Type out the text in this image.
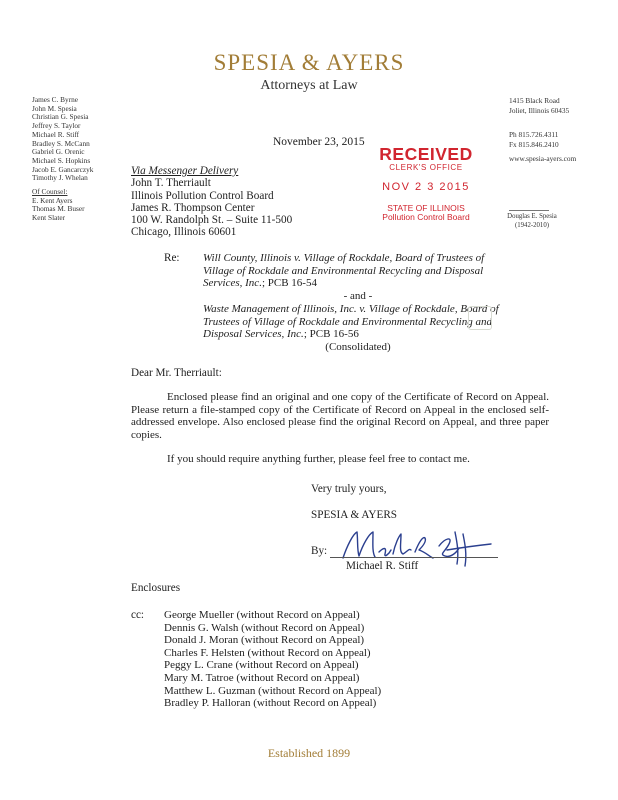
SPESIA & AYERS
Attorneys at Law
James C. Byrne
John M. Spesia
Christian G. Spesia
Jeffrey S. Taylor
Michael R. Stiff
Bradley S. McCann
Gabriel G. Orenic
Michael S. Hopkins
Jacob E. Gancarczyk
Timothy J. Whelan
Of Counsel:
E. Kent Ayers
Thomas M. Buser
Kent Slater
1415 Black Road
Joliet, Illinois 60435
Ph 815.726.4311
Fx 815.846.2410
www.spesia-ayers.com
Douglas E. Spesia
(1942-2010)
November 23, 2015
RECEIVED
CLERK'S OFFICE
NOV 2 3 2015
STATE OF ILLINOIS
Pollution Control Board
Via Messenger Delivery
John T. Therriault
Illinois Pollution Control Board
James R. Thompson Center
100 W. Randolph St. – Suite 11-500
Chicago, Illinois 60601
Re: Will County, Illinois v. Village of Rockdale, Board of Trustees of Village of Rockdale and Environmental Recycling and Disposal Services, Inc.; PCB 16-54
- and -
Waste Management of Illinois, Inc. v. Village of Rockdale, Board of Trustees of Village of Rockdale and Environmental Recycling and Disposal Services, Inc.; PCB 16-56
(Consolidated)
Dear Mr. Therriault:

Enclosed please find an original and one copy of the Certificate of Record on Appeal. Please return a file-stamped copy of the Certificate of Record on Appeal in the enclosed self-addressed envelope. Also enclosed please find the original Record on Appeal, and three paper copies.

If you should require anything further, please feel free to contact me.

Very truly yours,
SPESIA & AYERS
By:
Michael R. Stiff
Enclosures
cc: George Mueller (without Record on Appeal)
Dennis G. Walsh (without Record on Appeal)
Donald J. Moran (without Record on Appeal)
Charles F. Helsten (without Record on Appeal)
Peggy L. Crane (without Record on Appeal)
Mary M. Tatroe (without Record on Appeal)
Matthew L. Guzman (without Record on Appeal)
Bradley P. Halloran (without Record on Appeal)
Established 1899
